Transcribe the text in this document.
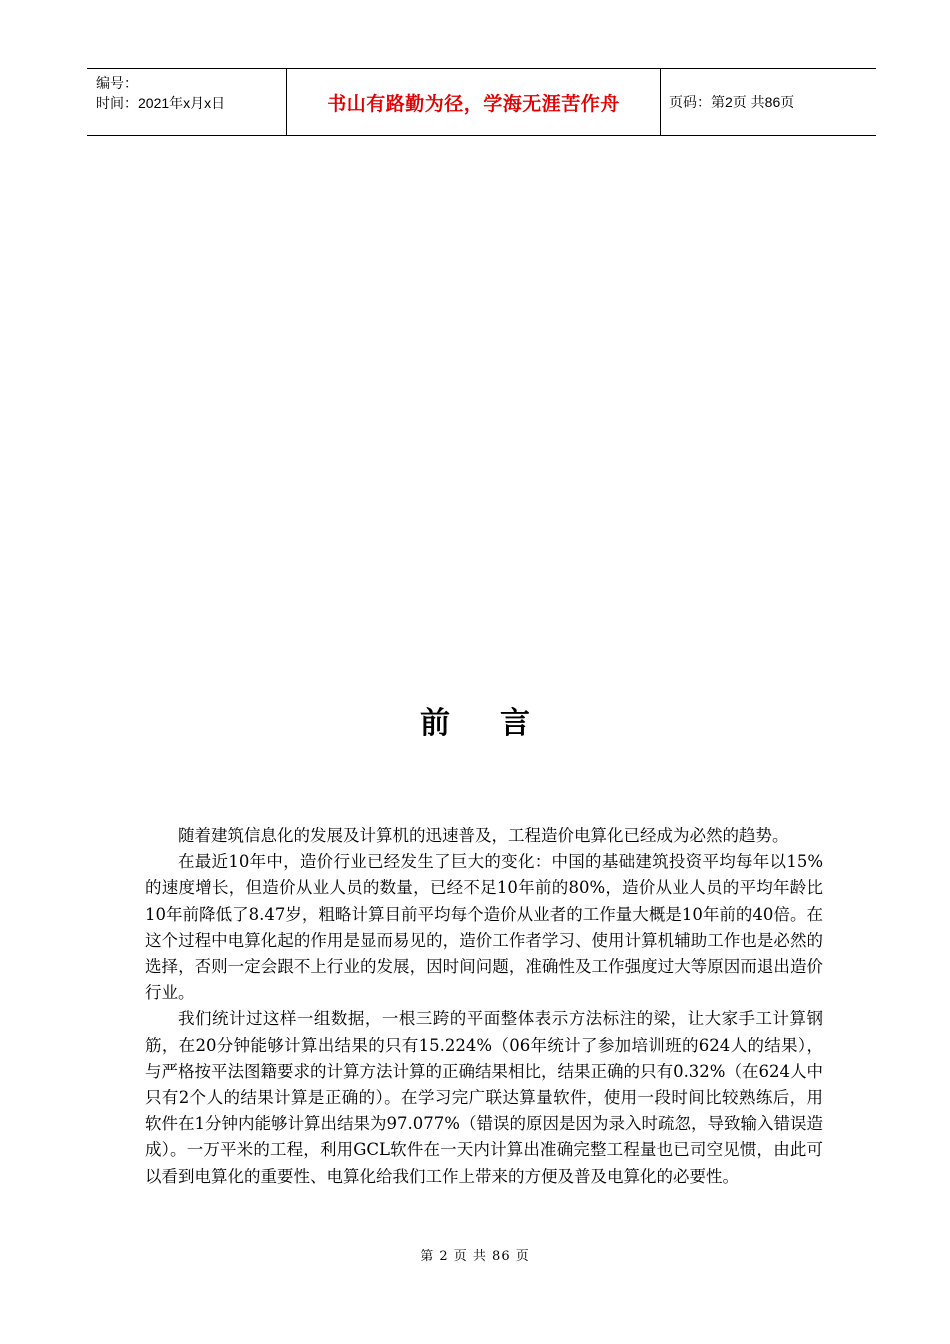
编号：
时间：2021年x月x日	书山有路勤为径，学海无涯苦作舟	页码：第2页 共86页
前言

随着建筑信息化的发展及计算机的迅速普及，工程造价电算化已经成为必然的趋势。

在最近10年中，造价行业已经发生了巨大的变化：中国的基础建筑投资平均每年以15%的速度增长，但造价从业人员的数量，已经不足10年前的80%，造价从业人员的平均年龄比10年前降低了8.47岁，粗略计算目前平均每个造价从业者的工作量大概是10年前的40倍。在这个过程中电算化起的作用是显而易见的，造价工作者学习、使用计算机辅助工作也是必然的选择，否则一定会跟不上行业的发展，因时间问题，准确性及工作强度过大等原因而退出造价行业。

我们统计过这样一组数据，一根三跨的平面整体表示方法标注的梁，让大家手工计算钢筋，在20分钟能够计算出结果的只有15.224%（06年统计了参加培训班的624人的结果），与严格按平法图籍要求的计算方法计算的正确结果相比，结果正确的只有0.32%（在624人中只有2个人的结果计算是正确的）。在学习完广联达算量软件，使用一段时间比较熟练后，用软件在1分钟内能够计算出结果为97.077%（错误的原因是因为录入时疏忽，导致输入错误造成）。一万平米的工程，利用GCL软件在一天内计算出准确完整工程量也已司空见惯，由此可以看到电算化的重要性、电算化给我们工作上带来的方便及普及电算化的必要性。

第 2 页 共 86 页
